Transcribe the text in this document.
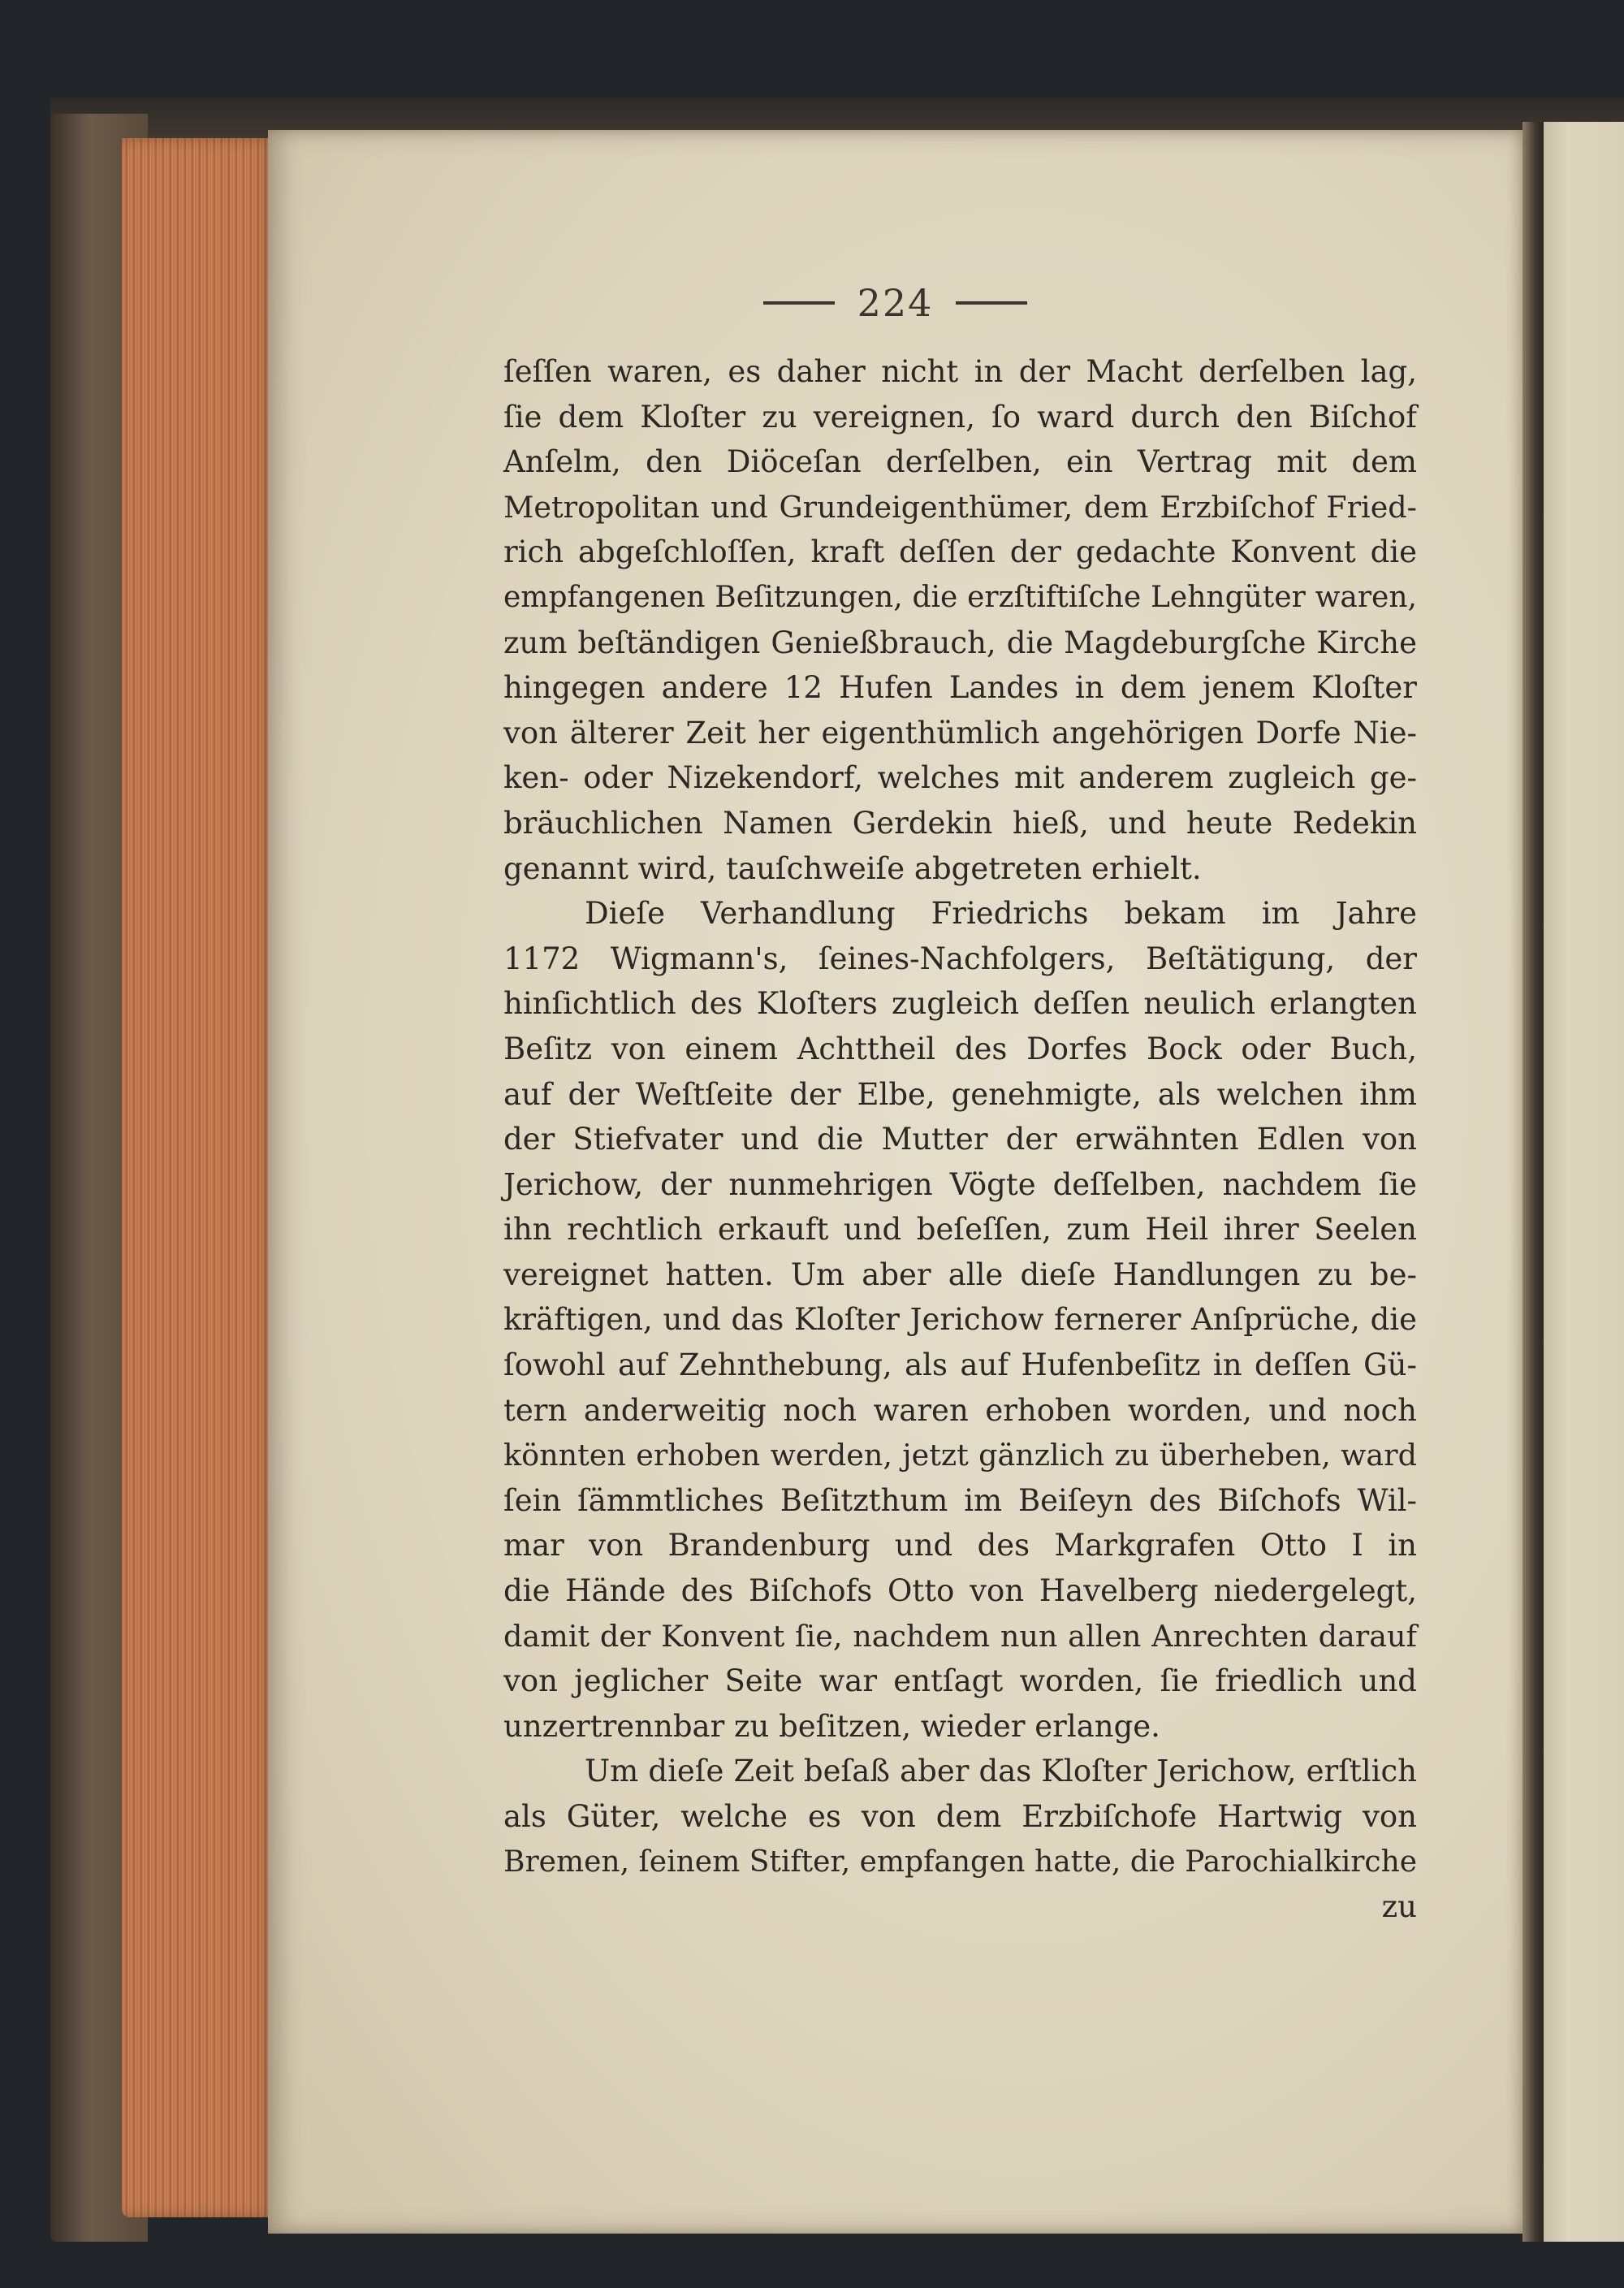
224
ſeſſen waren, es daher nicht in der Macht derſelben lag,
ſie dem Kloſter zu vereignen, ſo ward durch den Biſchof
Anſelm, den Diöceſan derſelben, ein Vertrag mit dem
Metropolitan und Grundeigenthümer, dem Erzbiſchof Fried-
rich abgeſchloſſen, kraft deſſen der gedachte Konvent die
empfangenen Beſitzungen, die erzſtiftiſche Lehngüter waren,
zum beſtändigen Genießbrauch, die Magdeburgſche Kirche
hingegen andere 12 Hufen Landes in dem jenem Kloſter
von älterer Zeit her eigenthümlich angehörigen Dorfe Nie-
ken- oder Nizekendorf, welches mit anderem zugleich ge-
bräuchlichen Namen Gerdekin hieß, und heute Redekin
genannt wird, tauſchweiſe abgetreten erhielt.
Dieſe Verhandlung Friedrichs bekam im Jahre
1172 Wigmann's, ſeines-Nachfolgers, Beſtätigung, der
hinſichtlich des Kloſters zugleich deſſen neulich erlangten
Beſitz von einem Achttheil des Dorfes Bock oder Buch,
auf der Weſtſeite der Elbe, genehmigte, als welchen ihm
der Stiefvater und die Mutter der erwähnten Edlen von
Jerichow, der nunmehrigen Vögte deſſelben, nachdem ſie
ihn rechtlich erkauft und beſeſſen, zum Heil ihrer Seelen
vereignet hatten. Um aber alle dieſe Handlungen zu be-
kräftigen, und das Kloſter Jerichow fernerer Anſprüche, die
ſowohl auf Zehnthebung, als auf Hufenbeſitz in deſſen Gü-
tern anderweitig noch waren erhoben worden, und noch
könnten erhoben werden, jetzt gänzlich zu überheben, ward
ſein ſämmtliches Beſitzthum im Beiſeyn des Biſchofs Wil-
mar von Brandenburg und des Markgrafen Otto I in
die Hände des Biſchofs Otto von Havelberg niedergelegt,
damit der Konvent ſie, nachdem nun allen Anrechten darauf
von jeglicher Seite war entſagt worden, ſie friedlich und
unzertrennbar zu beſitzen, wieder erlange.
Um dieſe Zeit beſaß aber das Kloſter Jerichow, erſtlich
als Güter, welche es von dem Erzbiſchofe Hartwig von
Bremen, ſeinem Stifter, empfangen hatte, die Parochialkirche
zu
